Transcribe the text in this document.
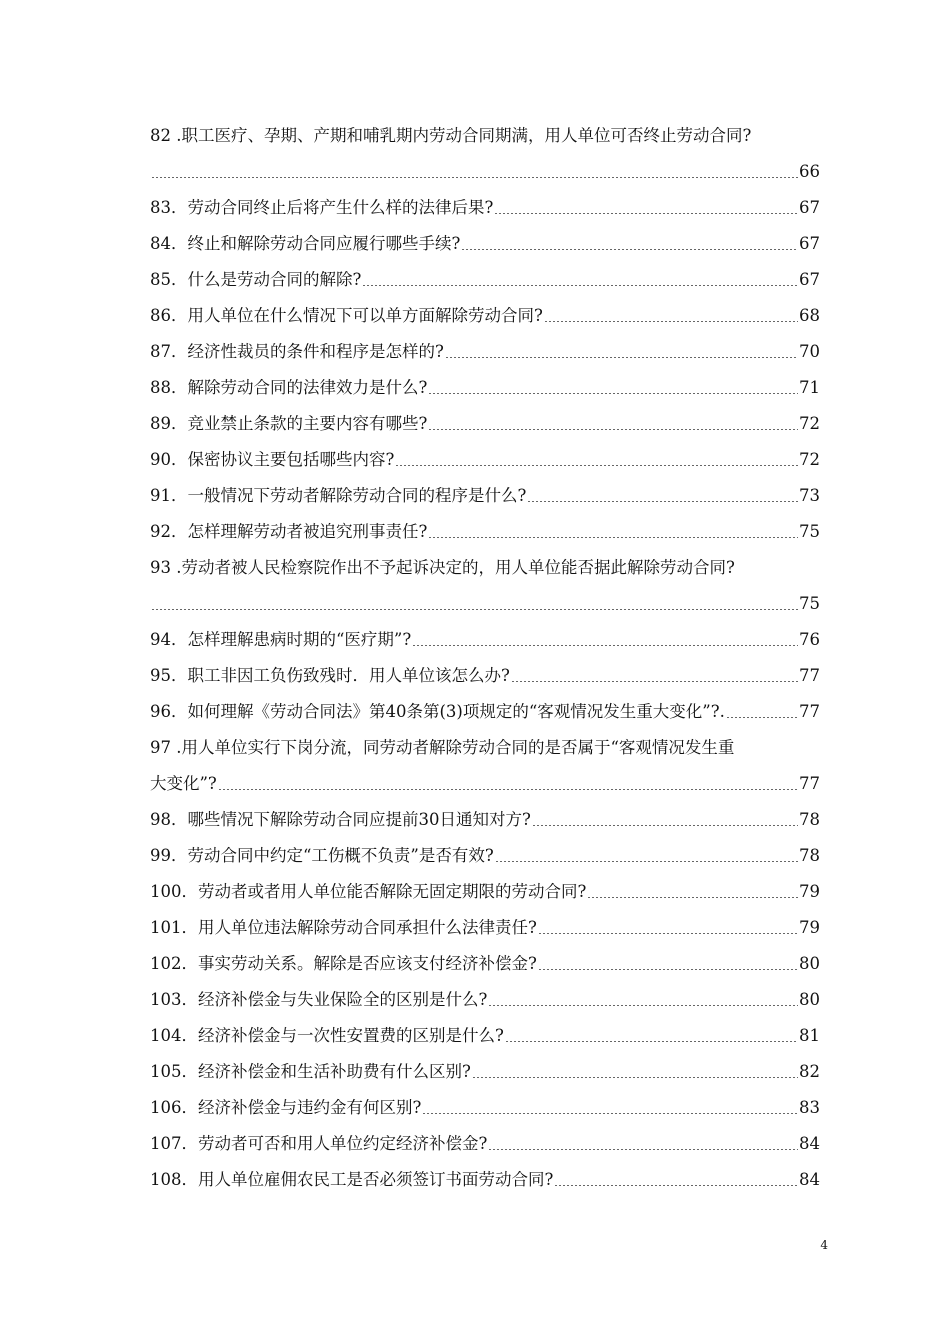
82 .职工医疗、孕期、产期和哺乳期内劳动合同期满，用人单位可否终止劳动合同?
66
83．劳动合同终止后将产生什么样的法律后果?	67
84．终止和解除劳动合同应履行哪些手续?	67
85．什么是劳动合同的解除?	67
86．用人单位在什么情况下可以单方面解除劳动合同?	68
87．经济性裁员的条件和程序是怎样的?	70
88．解除劳动合同的法律效力是什么?	71
89．竞业禁止条款的主要内容有哪些?	72
90．保密协议主要包括哪些内容?	72
91．一般情况下劳动者解除劳动合同的程序是什么?	73
92．怎样理解劳动者被追究刑事责任?	75
93 .劳动者被人民检察院作出不予起诉决定的，用人单位能否据此解除劳动合同?
75
94．怎样理解患病时期的“医疗期”?	76
95．职工非因工负伤致残时．用人单位该怎么办?	77
96．如何理解《劳动合同法》第40条第(3)项规定的“客观情况发生重大变化”?.	77
97 .用人单位实行下岗分流，同劳动者解除劳动合同的是否属于“客观情况发生重
大变化”?	77
98．哪些情况下解除劳动合同应提前30日通知对方?	78
99．劳动合同中约定“工伤概不负责”是否有效?	78
100．劳动者或者用人单位能否解除无固定期限的劳动合同?	79
101．用人单位违法解除劳动合同承担什么法律责任?	79
102．事实劳动关系。解除是否应该支付经济补偿金?	80
103．经济补偿金与失业保险全的区别是什么?	80
104．经济补偿金与一次性安置费的区别是什么?	81
105．经济补偿金和生活补助费有什么区别?	82
106．经济补偿金与违约金有何区别?	83
107．劳动者可否和用人单位约定经济补偿金?	84
108．用人单位雇佣农民工是否必须签订书面劳动合同?	84
4
